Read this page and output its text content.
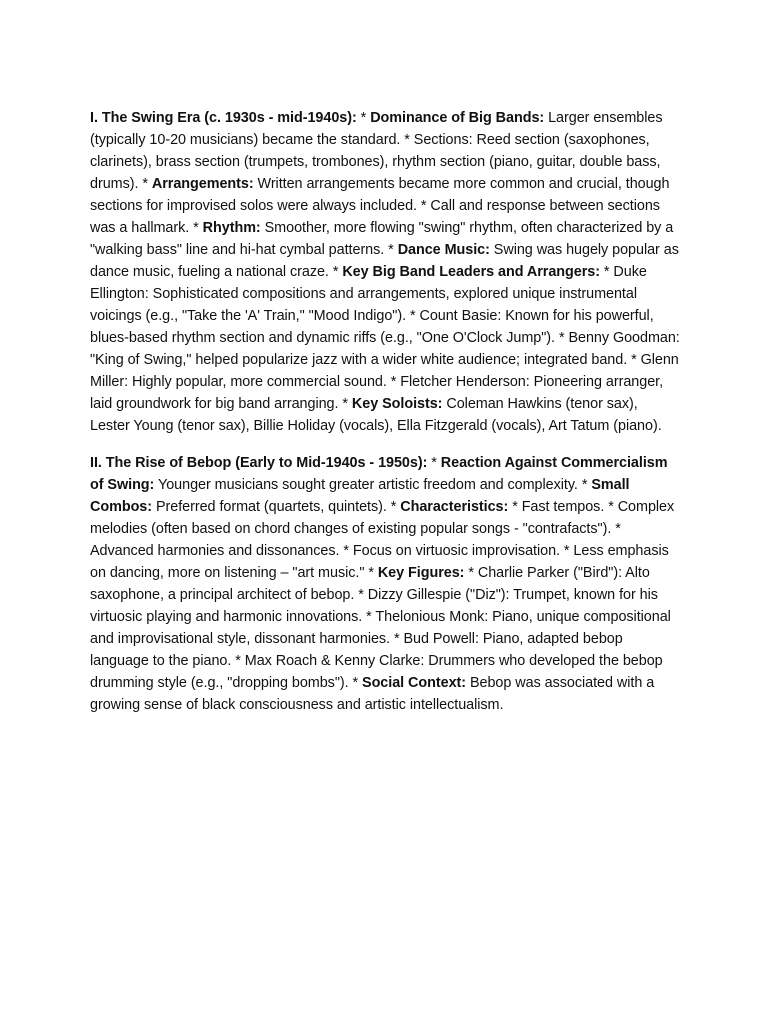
I. The Swing Era (c. 1930s - mid-1940s): * Dominance of Big Bands: Larger ensembles (typically 10-20 musicians) became the standard. * Sections: Reed section (saxophones, clarinets), brass section (trumpets, trombones), rhythm section (piano, guitar, double bass, drums). * Arrangements: Written arrangements became more common and crucial, though sections for improvised solos were always included. * Call and response between sections was a hallmark. * Rhythm: Smoother, more flowing "swing" rhythm, often characterized by a "walking bass" line and hi-hat cymbal patterns. * Dance Music: Swing was hugely popular as dance music, fueling a national craze. * Key Big Band Leaders and Arrangers: * Duke Ellington: Sophisticated compositions and arrangements, explored unique instrumental voicings (e.g., "Take the 'A' Train," "Mood Indigo"). * Count Basie: Known for his powerful, blues-based rhythm section and dynamic riffs (e.g., "One O'Clock Jump"). * Benny Goodman: "King of Swing," helped popularize jazz with a wider white audience; integrated band. * Glenn Miller: Highly popular, more commercial sound. * Fletcher Henderson: Pioneering arranger, laid groundwork for big band arranging. * Key Soloists: Coleman Hawkins (tenor sax), Lester Young (tenor sax), Billie Holiday (vocals), Ella Fitzgerald (vocals), Art Tatum (piano).

II. The Rise of Bebop (Early to Mid-1940s - 1950s): * Reaction Against Commercialism of Swing: Younger musicians sought greater artistic freedom and complexity. * Small Combos: Preferred format (quartets, quintets). * Characteristics: * Fast tempos. * Complex melodies (often based on chord changes of existing popular songs - "contrafacts"). * Advanced harmonies and dissonances. * Focus on virtuosic improvisation. * Less emphasis on dancing, more on listening – "art music." * Key Figures: * Charlie Parker ("Bird"): Alto saxophone, a principal architect of bebop. * Dizzy Gillespie ("Diz"): Trumpet, known for his virtuosic playing and harmonic innovations. * Thelonious Monk: Piano, unique compositional and improvisational style, dissonant harmonies. * Bud Powell: Piano, adapted bebop language to the piano. * Max Roach & Kenny Clarke: Drummers who developed the bebop drumming style (e.g., "dropping bombs"). * Social Context: Bebop was associated with a growing sense of black consciousness and artistic intellectualism.
